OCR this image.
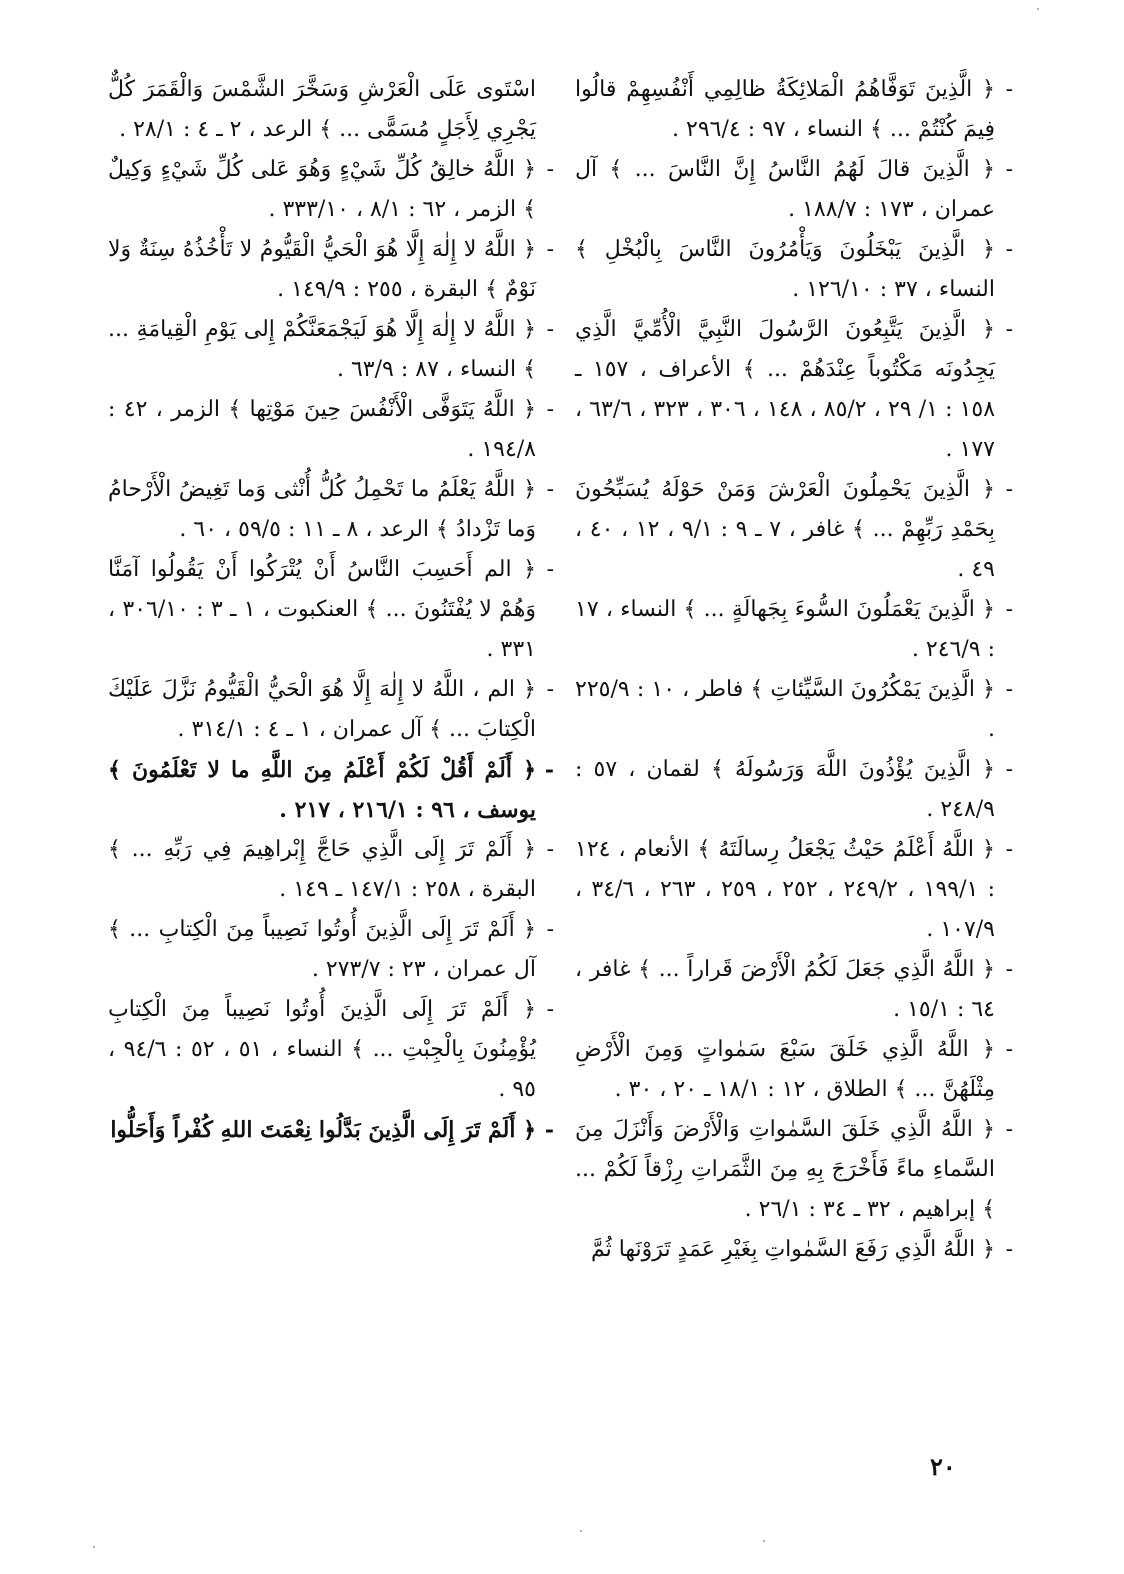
-
﴿ الَّذِينَ تَوَفَّاهُمُ الْمَلائِكَةُ ظالِمِي أَنْفُسِهِمْ قالُوا فِيمَ كُنْتُمْ ... ﴾ النساء ، ٩٧ : ٢٩٦/٤ .
-
﴿ الَّذِينَ قالَ لَهُمُ النَّاسُ إِنَّ النَّاسَ ... ﴾ آل عمران ، ١٧٣ : ١٨٨/٧ .
-
﴿ الَّذِينَ يَبْخَلُونَ وَيَأْمُرُونَ النَّاسَ بِالْبُخْلِ ﴾ النساء ، ٣٧ : ١٢٦/١٠ .
-
﴿ الَّذِينَ يَتَّبِعُونَ الرَّسُولَ النَّبِيَّ الْأُمِّيَّ الَّذِي يَجِدُونَه مَكْتُوباً عِنْدَهُمْ ... ﴾ الأعراف ، ١٥٧ ـ ١٥٨ : ١/ ٢٩ ، ٨٥/٢ ، ١٤٨ ، ٣٠٦ ، ٣٢٣ ، ٦٣/٦ ، ١٧٧ .
-
﴿ الَّذِينَ يَحْمِلُونَ الْعَرْشَ وَمَنْ حَوْلَهُ يُسَبِّحُونَ بِحَمْدِ رَبِّهِمْ ... ﴾ غافر ، ٧ ـ ٩ : ٩/١ ، ١٢ ، ٤٠ ، ٤٩ .
-
﴿ الَّذِينَ يَعْمَلُونَ السُّوءَ بِجَهالَةٍ ... ﴾ النساء ، ١٧ : ٢٤٦/٩ .
-
﴿ الَّذِينَ يَمْكُرُونَ السَّيِّئاتِ ﴾ فاطر ، ١٠ : ٢٢٥/٩ .
-
﴿ الَّذِينَ يُؤْذُونَ اللَّهَ وَرَسُولَهُ ﴾ لقمان ، ٥٧ : ٢٤٨/٩ .
-
﴿ اللَّهُ أَعْلَمُ حَيْثُ يَجْعَلُ رِسالَتَهُ ﴾ الأنعام ، ١٢٤ : ١٩٩/١ ، ٢٤٩/٢ ، ٢٥٢ ، ٢٥٩ ، ٢٦٣ ، ٣٤/٦ ، ١٠٧/٩ .
-
﴿ اللَّهُ الَّذِي جَعَلَ لَكُمُ الْأَرْضَ قَراراً ... ﴾ غافر ، ٦٤ : ١٥/١ .
-
﴿ اللَّهُ الَّذِي خَلَقَ سَبْعَ سَمٰواتٍ وَمِنَ الْأَرْضِ مِثْلَهُنَّ ... ﴾ الطلاق ، ١٢ : ١٨/١ ـ ٢٠ ، ٣٠ .
-
﴿ اللَّهُ الَّذِي خَلَقَ السَّمٰواتِ وَالْأَرْضَ وَأَنْزَلَ مِنَ السَّماءِ ماءً فَأَخْرَجَ بِهِ مِنَ الثَّمَراتِ رِزْقاً لَكُمْ ... ﴾ إبراهيم ، ٣٢ ـ ٣٤ : ٢٦/١ .
-
﴿ اللَّهُ الَّذِي رَفَعَ السَّمٰواتِ بِغَيْرِ عَمَدٍ تَرَوْنَها ثُمَّ
اسْتَوى عَلَى الْعَرْشِ وَسَخَّرَ الشَّمْسَ وَالْقَمَرَ كُلٌّ يَجْرِي لِأَجَلٍ مُسَمًّى ... ﴾ الرعد ، ٢ ـ ٤ : ٢٨/١ .
-
﴿ اللَّهُ خالِقُ كُلِّ شَيْءٍ وَهُوَ عَلى كُلِّ شَيْءٍ وَكِيلٌ ﴾ الزمر ، ٦٢ : ٨/١ ، ٣٣٣/١٠ .
-
﴿ اللَّهُ لا إِلٰهَ إِلَّا هُوَ الْحَيُّ الْقَيُّومُ لا تَأْخُذُهُ سِنَةٌ وَلا نَوْمٌ ﴾ البقرة ، ٢٥٥ : ١٤٩/٩ .
-
﴿ اللَّهُ لا إِلٰهَ إِلَّا هُوَ لَيَجْمَعَنَّكُمْ إِلى يَوْمِ الْقِيامَةِ ... ﴾ النساء ، ٨٧ : ٦٣/٩ .
-
﴿ اللَّهُ يَتَوَفَّى الْأَنْفُسَ حِينَ مَوْتِها ﴾ الزمر ، ٤٢ : ١٩٤/٨ .
-
﴿ اللَّهُ يَعْلَمُ ما تَحْمِلُ كُلُّ أُنْثى وَما تَغِيضُ الْأَرْحامُ وَما تَزْدادُ ﴾ الرعد ، ٨ ـ ١١ : ٥٩/٥ ، ٦٠ .
-
﴿ الم أَحَسِبَ النَّاسُ أَنْ يُتْرَكُوا أَنْ يَقُولُوا آمَنَّا وَهُمْ لا يُفْتَنُونَ ... ﴾ العنكبوت ، ١ ـ ٣ : ٣٠٦/١٠ ، ٣٣١ .
-
﴿ الم ، اللَّهُ لا إِلٰهَ إِلَّا هُوَ الْحَيُّ الْقَيُّومُ نَزَّلَ عَلَيْكَ الْكِتابَ ... ﴾ آل عمران ، ١ ـ ٤ : ٣١٤/١ .
-
﴿ أَلَمْ أَقُلْ لَكُمْ أَعْلَمُ مِنَ اللَّهِ ما لا تَعْلَمُونَ ﴾ يوسف ، ٩٦ : ٢١٦/١ ، ٢١٧ .
-
﴿ أَلَمْ تَرَ إِلَى الَّذِي حَاجَّ إِبْراهِيمَ فِي رَبِّهِ ... ﴾ البقرة ، ٢٥٨ : ١٤٧/١ ـ ١٤٩ .
-
﴿ أَلَمْ تَرَ إِلَى الَّذِينَ أُوتُوا نَصِيباً مِنَ الْكِتابِ ... ﴾ آل عمران ، ٢٣ : ٢٧٣/٧ .
-
﴿ أَلَمْ تَرَ إِلَى الَّذِينَ أُوتُوا نَصِيباً مِنَ الْكِتابِ يُؤْمِنُونَ بِالْجِبْتِ ... ﴾ النساء ، ٥١ ، ٥٢ : ٩٤/٦ ، ٩٥ .
-
﴿ أَلَمْ تَرَ إِلَى الَّذِينَ بَدَّلُوا نِعْمَتَ اللهِ كُفْراً وَأَحَلُّوا
٢٠
